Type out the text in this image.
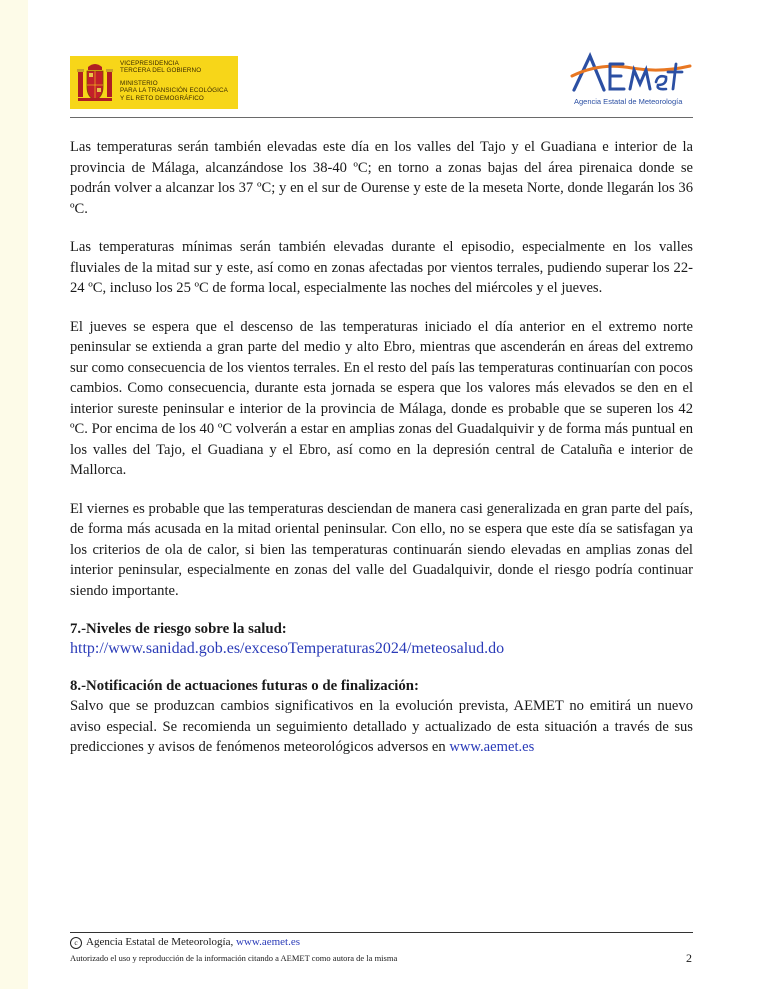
VICEPRESIDENCIA
TERCERA DEL GOBIERNO
MINISTERIO
PARA LA TRANSICIÓN ECOLÓGICA
Y EL RETO DEMOGRÁFICO	Agencia Estatal de Meteorología

Las temperaturas serán también elevadas este día en los valles del Tajo y el Guadiana e interior de la provincia de Málaga, alcanzándose los 38-40 ºC; en torno a zonas bajas del área pirenaica donde se podrán volver a alcanzar los 37 ºC; y en el sur de Ourense y este de la meseta Norte, donde llegarán los 36 ºC.

Las temperaturas mínimas serán también elevadas durante el episodio, especialmente en los valles fluviales de la mitad sur y este, así como en zonas afectadas por vientos terrales, pudiendo superar los 22-24 ºC, incluso los 25 ºC de forma local, especialmente las noches del miércoles y el jueves.

El jueves se espera que el descenso de las temperaturas iniciado el día anterior en el extremo norte peninsular se extienda a gran parte del medio y alto Ebro, mientras que ascenderán en áreas del extremo sur como consecuencia de los vientos terrales. En el resto del país las temperaturas continuarían con pocos cambios. Como consecuencia, durante esta jornada se espera que los valores más elevados se den en el interior sureste peninsular e interior de la provincia de Málaga, donde es probable que se superen los 42 ºC. Por encima de los 40 ºC volverán a estar en amplias zonas del Guadalquivir y de forma más puntual en los valles del Tajo, el Guadiana y el Ebro, así como en la depresión central de Cataluña e interior de Mallorca.

El viernes es probable que las temperaturas desciendan de manera casi generalizada en gran parte del país, de forma más acusada en la mitad oriental peninsular. Con ello, no se espera que este día se satisfagan ya los criterios de ola de calor, si bien las temperaturas continuarán siendo elevadas en amplias zonas del interior peninsular, especialmente en zonas del valle del Guadalquivir, donde el riesgo podría continuar siendo importante.

7.-Niveles de riesgo sobre la salud:

http://www.sanidad.gob.es/excesoTemperaturas2024/meteosalud.do

8.-Notificación de actuaciones futuras o de finalización:

Salvo que se produzcan cambios significativos en la evolución prevista, AEMET no emitirá un nuevo aviso especial. Se recomienda un seguimiento detallado y actualizado de esta situación a través de sus predicciones y avisos de fenómenos meteorológicos adversos en www.aemet.es

c Agencia Estatal de Meteorología, www.aemet.es
Autorizado el uso y reproducción de la información citando a AEMET como autora de la misma	2
